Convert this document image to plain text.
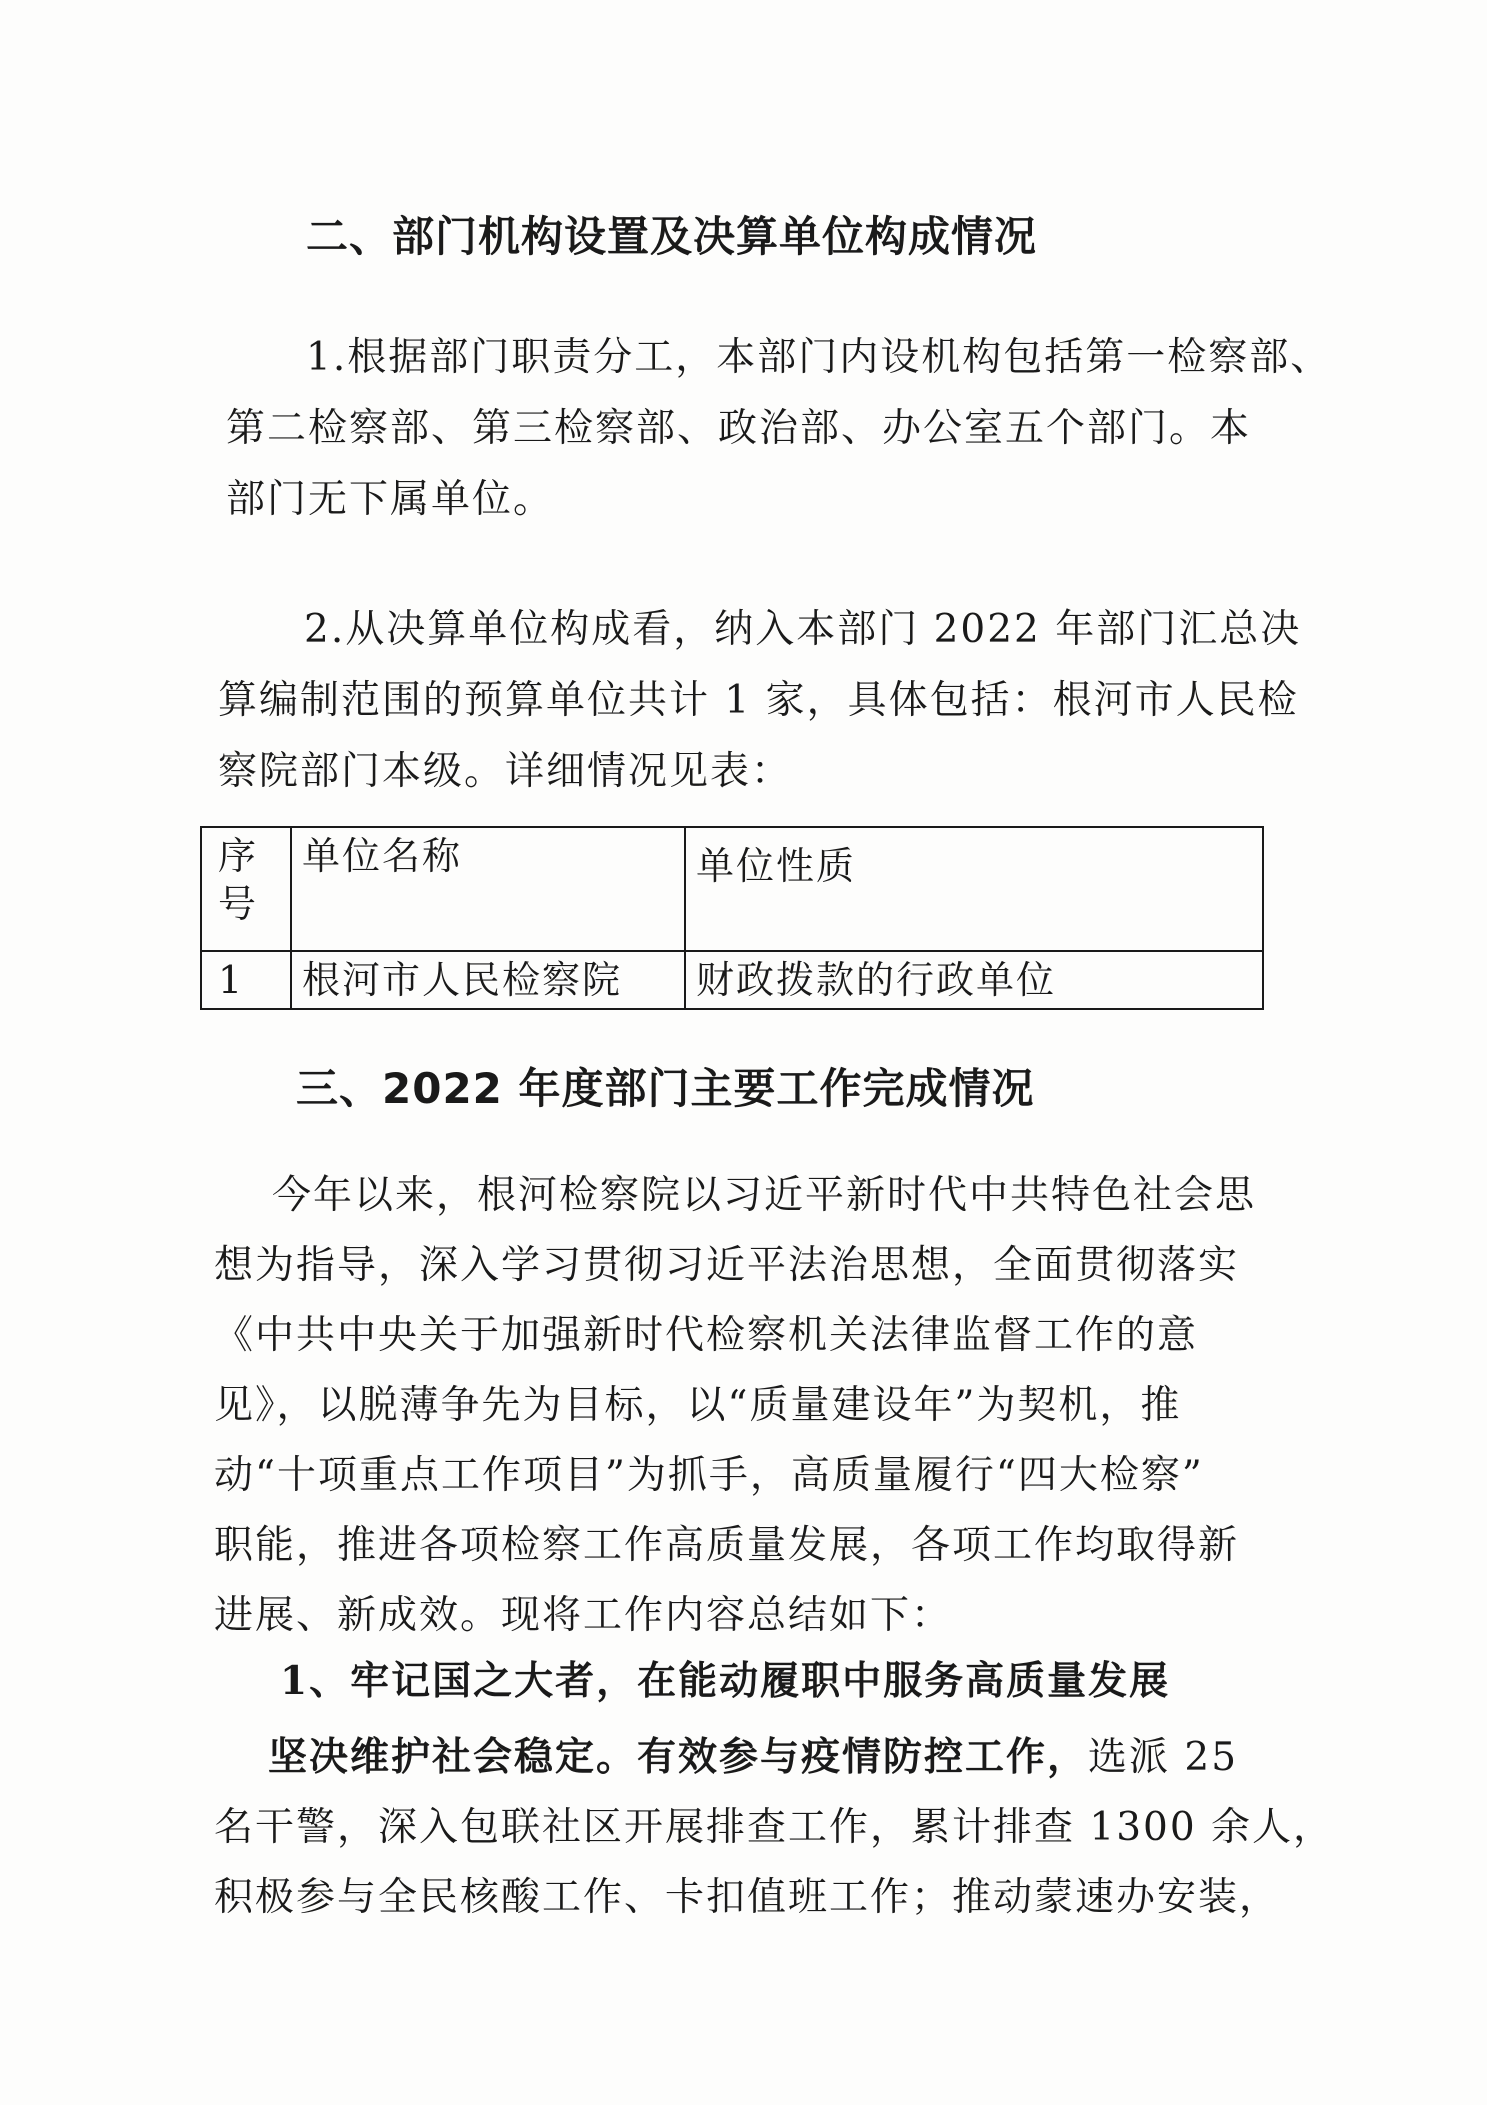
二、部门机构设置及决算单位构成情况
1.根据部门职责分工，本部门内设机构包括第一检察部、
第二检察部、第三检察部、政治部、办公室五个部门。本
部门无下属单位。
2.从决算单位构成看，纳入本部门 2022 年部门汇总决
算编制范围的预算单位共计 1 家，具体包括：根河市人民检
察院部门本级。详细情况见表：
序
号	单位名称	单位性质
1	根河市人民检察院	财政拨款的行政单位
三、2022 年度部门主要工作完成情况
今年以来，根河检察院以习近平新时代中共特色社会思
想为指导，深入学习贯彻习近平法治思想，全面贯彻落实
《中共中央关于加强新时代检察机关法律监督工作的意
见》，以脱薄争先为目标，以“质量建设年”为契机，推
动“十项重点工作项目”为抓手，高质量履行“四大检察”
职能，推进各项检察工作高质量发展，各项工作均取得新
进展、新成效。现将工作内容总结如下：
1、牢记国之大者，在能动履职中服务高质量发展
坚决维护社会稳定。有效参与疫情防控工作，选派 25
名干警，深入包联社区开展排查工作，累计排查 1300 余人，
积极参与全民核酸工作、卡扣值班工作；推动蒙速办安装，
